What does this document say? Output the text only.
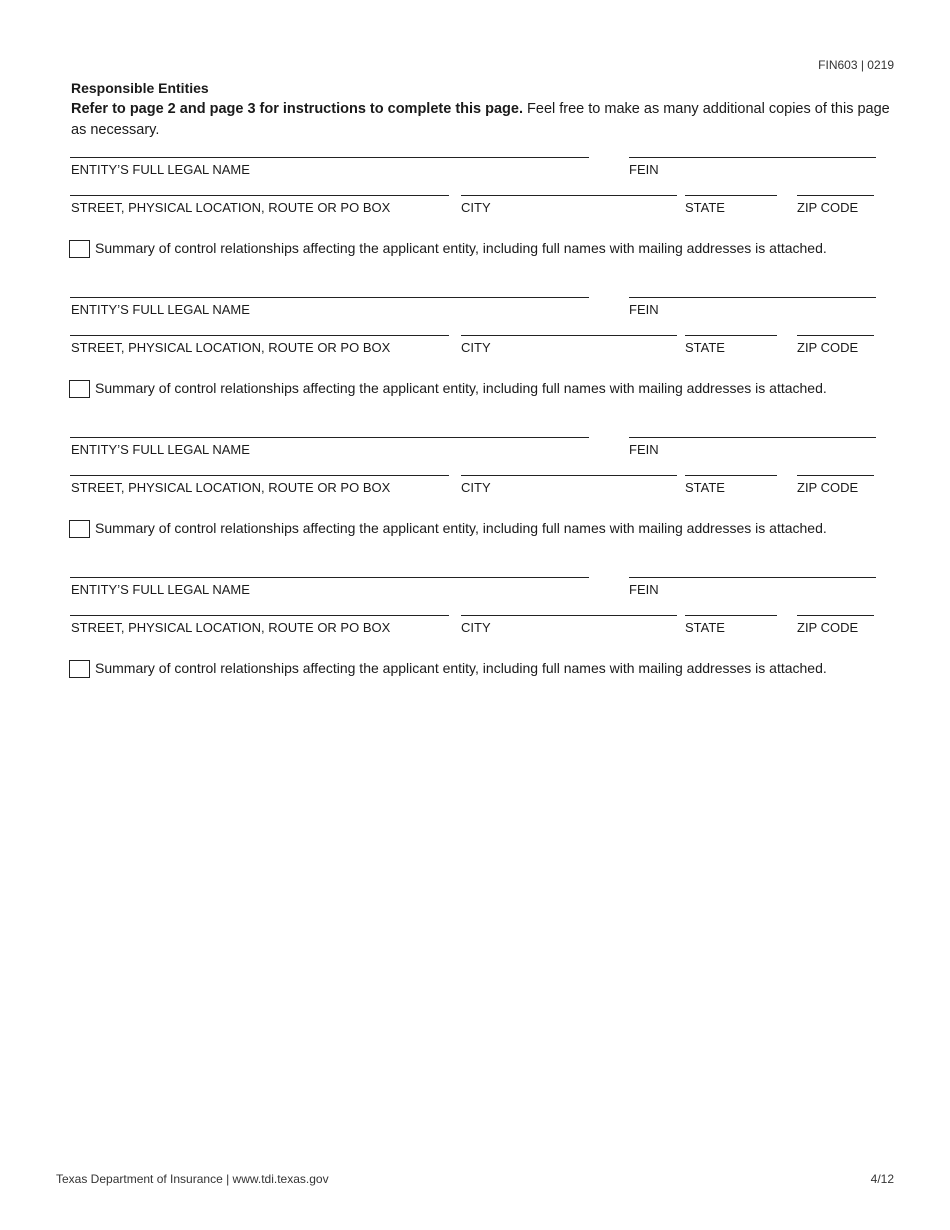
FIN603 | 0219
Responsible Entities
Refer to page 2 and page 3 for instructions to complete this page. Feel free to make as many additional copies of this page as necessary.
ENTITY’S FULL LEGAL NAME	FEIN
STREET, PHYSICAL LOCATION, ROUTE OR PO BOX	CITY	STATE	ZIP CODE
Summary of control relationships affecting the applicant entity, including full names with mailing addresses is attached.
ENTITY’S FULL LEGAL NAME	FEIN
STREET, PHYSICAL LOCATION, ROUTE OR PO BOX	CITY	STATE	ZIP CODE
Summary of control relationships affecting the applicant entity, including full names with mailing addresses is attached.
ENTITY’S FULL LEGAL NAME	FEIN
STREET, PHYSICAL LOCATION, ROUTE OR PO BOX	CITY	STATE	ZIP CODE
Summary of control relationships affecting the applicant entity, including full names with mailing addresses is attached.
ENTITY’S FULL LEGAL NAME	FEIN
STREET, PHYSICAL LOCATION, ROUTE OR PO BOX	CITY	STATE	ZIP CODE
Summary of control relationships affecting the applicant entity, including full names with mailing addresses is attached.
Texas Department of Insurance | www.tdi.texas.gov	4/12
